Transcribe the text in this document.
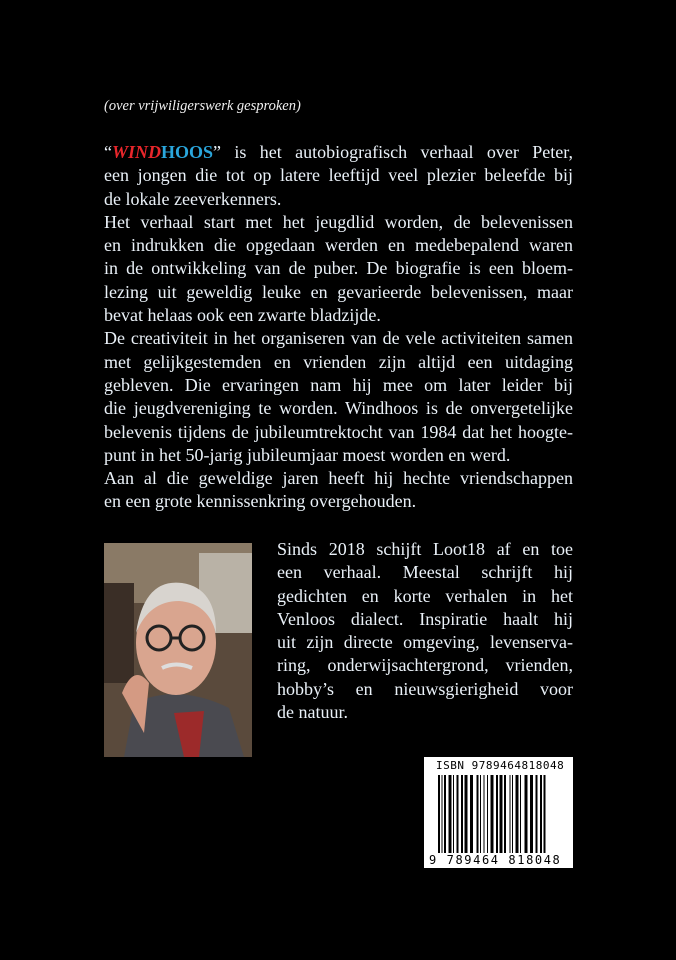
(over vrijwiligerswerk gesproken)
“WINDHOOS” is het autobiografisch verhaal over Peter,
een jongen die tot op latere leeftijd veel plezier beleefde bij
de lokale zeeverkenners.
Het verhaal start met het jeugdlid worden, de belevenissen
en indrukken die opgedaan werden en medebepalend waren
in de ontwikkeling van de puber. De biografie is een bloem-
lezing uit geweldig leuke en gevarieerde belevenissen, maar
bevat helaas ook een zwarte bladzijde.
De creativiteit in het organiseren van de vele activiteiten samen
met gelijkgestemden en vrienden zijn altijd een uitdaging
gebleven. Die ervaringen nam hij mee om later leider bij
die jeugdvereniging te worden. Windhoos is de onvergetelijke
belevenis tijdens de jubileumtrektocht van 1984 dat het hoogte-
punt in het 50-jarig jubileumjaar moest worden en werd.
Aan al die geweldige jaren heeft hij hechte vriendschappen
en een grote kennissenkring overgehouden.
Sinds 2018 schijft Loot18 af en toe
een verhaal. Meestal schrijft hij
gedichten en korte verhalen in het
Venloos dialect. Inspiratie haalt hij
uit zijn directe omgeving, levenserva-
ring, onderwijsachtergrond, vrienden,
hobby’s en nieuwsgierigheid voor
de natuur.
ISBN 9789464818048
9 789464 818048
